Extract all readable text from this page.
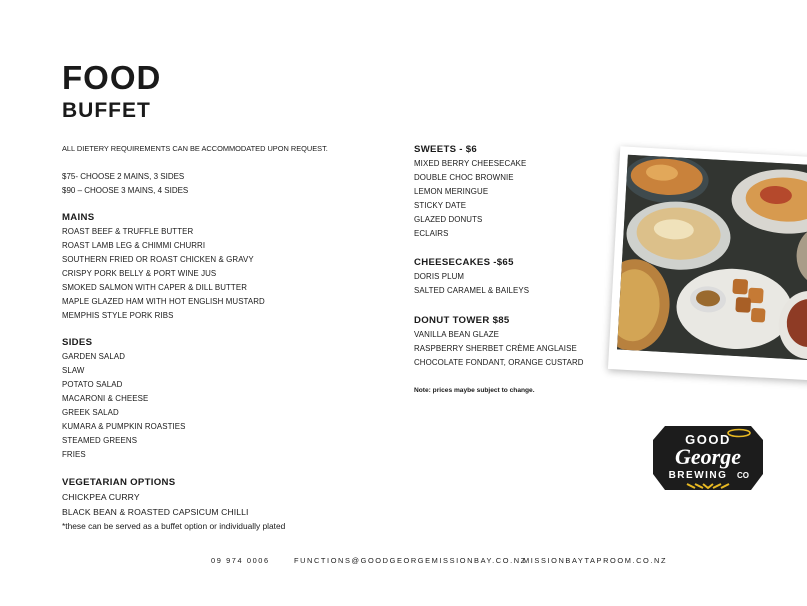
FOOD
BUFFET
ALL DIETERY REQUIREMENTS CAN BE ACCOMMODATED UPON REQUEST.
$75- CHOOSE 2 MAINS, 3 SIDES
$90 – CHOOSE 3 MAINS, 4 SIDES
MAINS
ROAST BEEF & TRUFFLE BUTTER
ROAST LAMB LEG & CHIMMI CHURRI
SOUTHERN FRIED OR ROAST CHICKEN & GRAVY
CRISPY PORK BELLY & PORT WINE JUS
SMOKED SALMON WITH CAPER & DILL BUTTER
MAPLE GLAZED HAM WITH HOT ENGLISH MUSTARD
MEMPHIS STYLE PORK RIBS
SIDES
GARDEN SALAD
SLAW
POTATO SALAD
MACARONI & CHEESE
GREEK SALAD
KUMARA & PUMPKIN ROASTIES
STEAMED GREENS
FRIES
VEGETARIAN OPTIONS
CHICKPEA CURRY
BLACK BEAN & ROASTED CAPSICUM CHILLI
*these can be served as a buffet option or individually plated
SWEETS - $6
MIXED BERRY CHEESECAKE
DOUBLE CHOC BROWNIE
LEMON MERINGUE
STICKY DATE
GLAZED DONUTS
ECLAIRS
CHEESECAKES -$65
DORIS PLUM
SALTED CARAMEL & BAILEYS
DONUT TOWER $85
VANILLA BEAN GLAZE
RASPBERRY SHERBET CRÈME ANGLAISE
CHOCOLATE FONDANT, ORANGE CUSTARD
Note: prices maybe subject to change.
GOOD
George
BREWING CO
09 974 0006	FUNCTIONS@GOODGEORGEMISSIONBAY.CO.NZ
MISSIONBAYTAPROOM.CO.NZ
